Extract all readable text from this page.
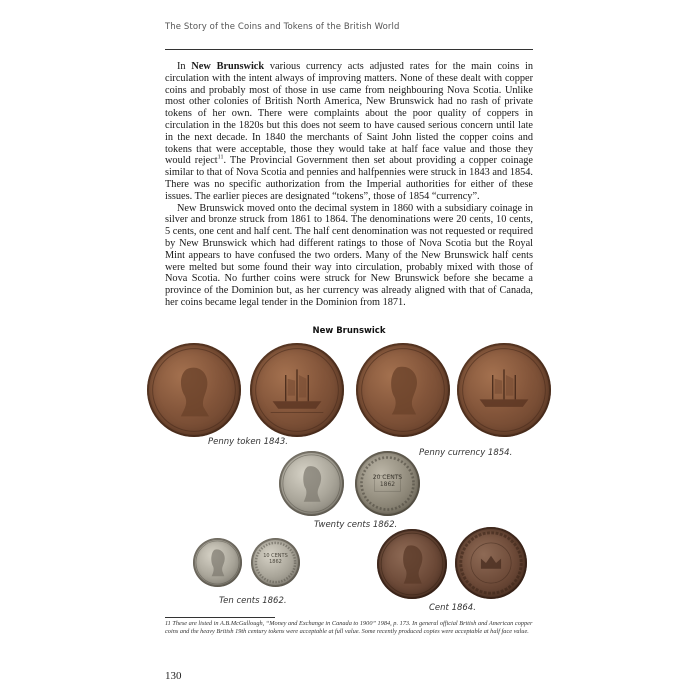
The Story of the Coins and Tokens of the British World

In New Brunswick various currency acts adjusted rates for the main coins in circulation with the intent always of improving matters. None of these dealt with copper coins and probably most of those in use came from neighbouring Nova Scotia. Unlike most other colonies of British North America, New Brunswick had no rash of private tokens of her own. There were complaints about the poor quality of coppers in circulation in the 1820s but this does not seem to have caused serious concern until late in the next decade. In 1840 the merchants of Saint John listed the copper coins and tokens that were acceptable, those they would take at half face value and those they would reject$^{11}$. The Provincial Government then set about providing a copper coinage similar to that of Nova Scotia and pennies and halfpennies were struck in 1843 and 1854. There was no specific authorization from the Imperial authorities for either of these issues. The earlier pieces are designated “tokens”, those of 1854 “currency”.

New Brunswick moved onto the decimal system in 1860 with a subsidiary coinage in silver and bronze struck from 1861 to 1864. The denominations were 20 cents, 10 cents, 5 cents, one cent and half cent. The half cent denomination was not requested or required by New Brunswick which had different ratings to those of Nova Scotia but the Royal Mint appears to have confused the two orders. Many of the New Brunswick half cents were melted but some found their way into circulation, probably mixed with those of Nova Scotia. No further coins were struck for New Brunswick before she became a province of the Dominion but, as her currency was already aligned with that of Canada, her coins became legal tender in the Dominion from 1871.

New Brunswick
Penny token 1843.
Penny currency 1854.
20 CENTS 1862
Twenty cents 1862.
10 CENTS 1862
Ten cents 1862.
Cent 1864.
11 These are listed in A.B.McGullough, “Money and Exchange in Canada to 1900” 1984, p. 173. In general official British and American copper coins and the heavy British 19th century tokens were acceptable at full value. Some recently produced copies were acceptable at half face value.
130
